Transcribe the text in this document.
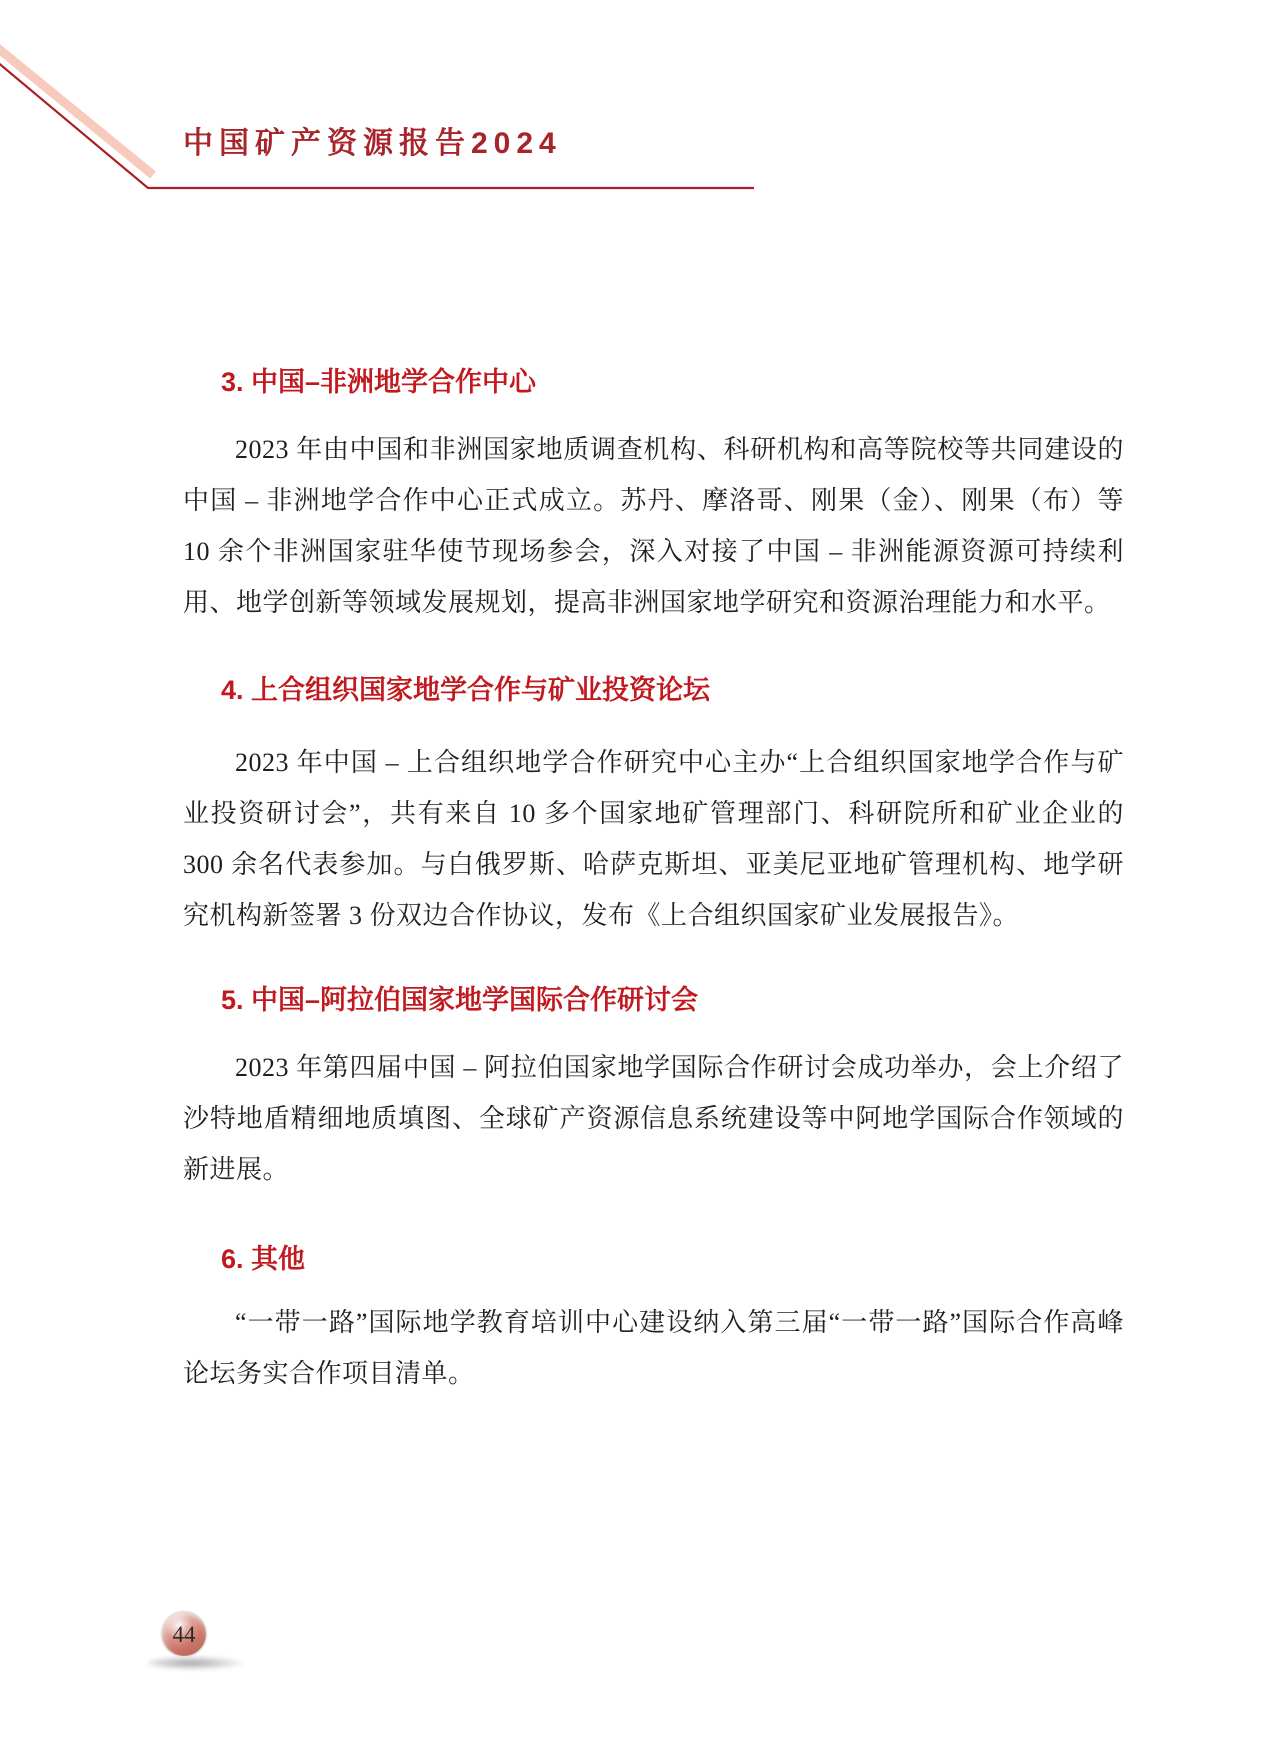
中国矿产资源报告2024
3. 中国–非洲地学合作中心

2023 年由中国和非洲国家地质调查机构、科研机构和高等院校等共同建设的中国 – 非洲地学合作中心正式成立。苏丹、摩洛哥、刚果（金）、刚果（布）等 10 余个非洲国家驻华使节现场参会，深入对接了中国 – 非洲能源资源可持续利用、地学创新等领域发展规划，提高非洲国家地学研究和资源治理能力和水平。

4. 上合组织国家地学合作与矿业投资论坛

2023 年中国 – 上合组织地学合作研究中心主办“上合组织国家地学合作与矿业投资研讨会”，共有来自 10 多个国家地矿管理部门、科研院所和矿业企业的 300 余名代表参加。与白俄罗斯、哈萨克斯坦、亚美尼亚地矿管理机构、地学研究机构新签署 3 份双边合作协议，发布《上合组织国家矿业发展报告》。

5. 中国–阿拉伯国家地学国际合作研讨会

2023 年第四届中国 – 阿拉伯国家地学国际合作研讨会成功举办，会上介绍了沙特地盾精细地质填图、全球矿产资源信息系统建设等中阿地学国际合作领域的新进展。

6. 其他

“一带一路”国际地学教育培训中心建设纳入第三届“一带一路”国际合作高峰论坛务实合作项目清单。

44
